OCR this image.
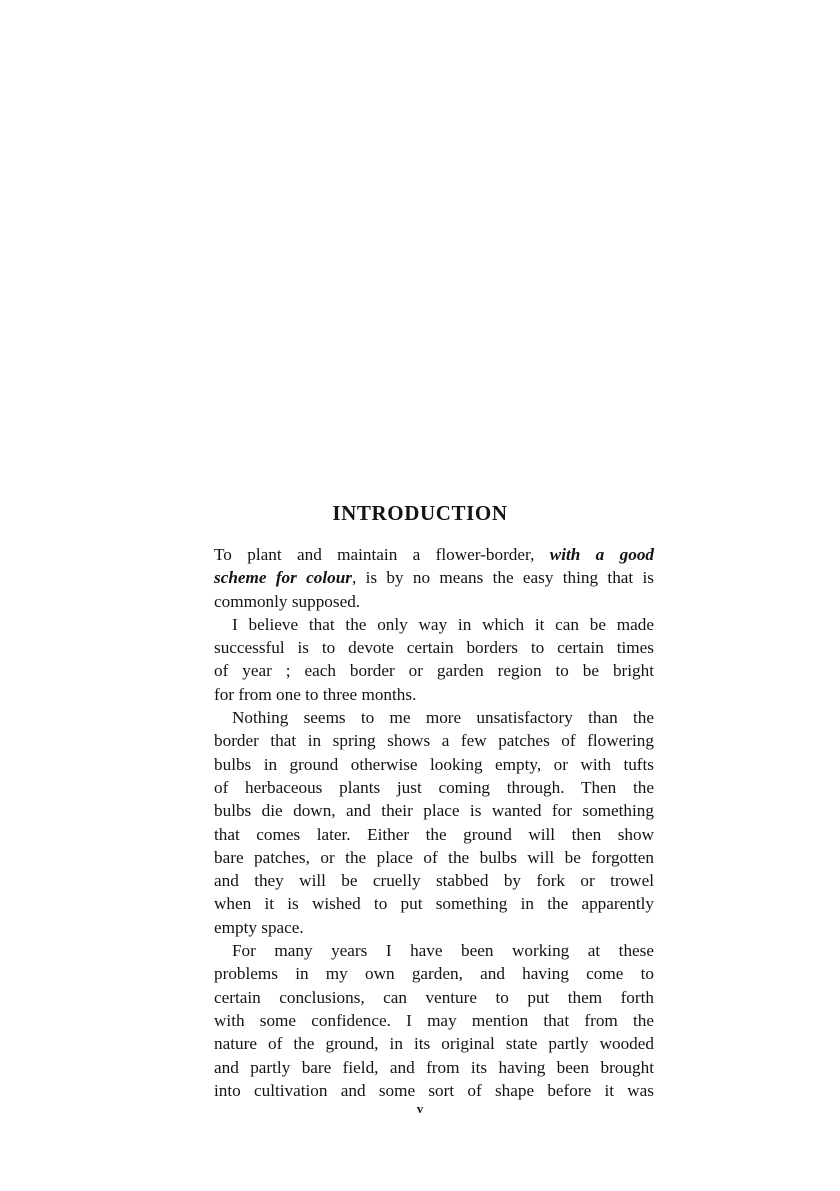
INTRODUCTION
To plant and maintain a flower-border, with a good
scheme for colour, is by no means the easy thing that is
commonly supposed.
I believe that the only way in which it can be made
successful is to devote certain borders to certain times
of year ; each border or garden region to be bright
for from one to three months.
Nothing seems to me more unsatisfactory than the
border that in spring shows a few patches of flowering
bulbs in ground otherwise looking empty, or with tufts
of herbaceous plants just coming through. Then the
bulbs die down, and their place is wanted for something
that comes later. Either the ground will then show
bare patches, or the place of the bulbs will be forgotten
and they will be cruelly stabbed by fork or trowel
when it is wished to put something in the apparently
empty space.
For many years I have been working at these
problems in my own garden, and having come to
certain conclusions, can venture to put them forth
with some confidence. I may mention that from the
nature of the ground, in its original state partly wooded
and partly bare field, and from its having been brought
into cultivation and some sort of shape before it was
v
